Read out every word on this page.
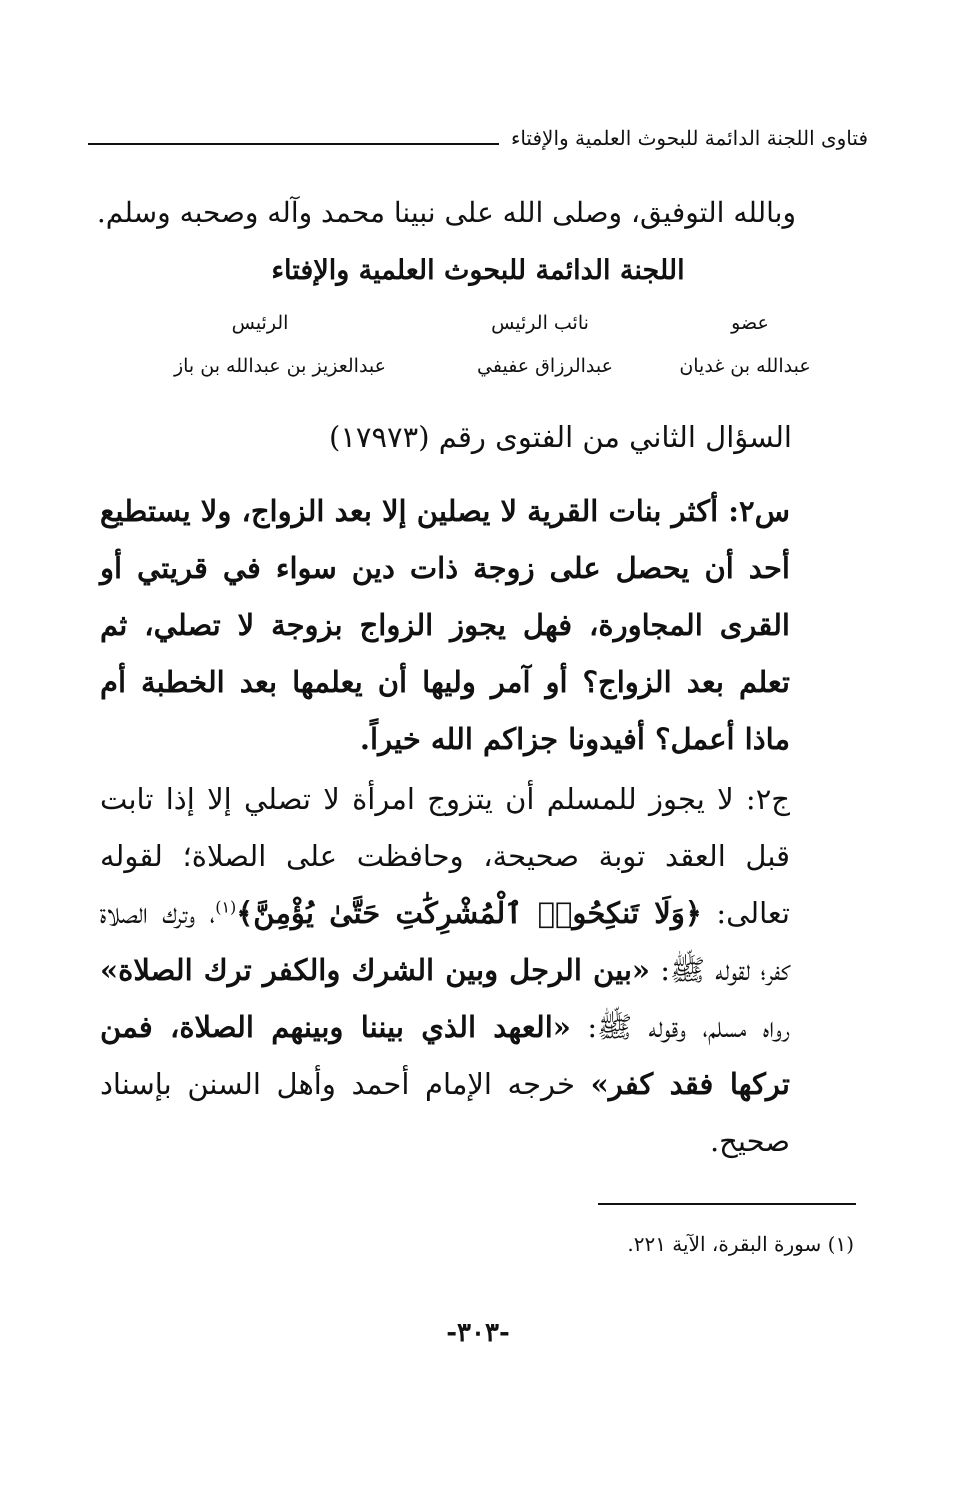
فتاوى اللجنة الدائمة للبحوث العلمية والإفتاء
وبالله التوفيق، وصلى الله على نبينا محمد وآله وصحبه وسلم.
اللجنة الدائمة للبحوث العلمية والإفتاء
عضو
نائب الرئيس
الرئيس
عبدالله بن غديان
عبدالرزاق عفيفي
عبدالعزيز بن عبدالله بن باز
السؤال الثاني من الفتوى رقم (١٧٩٧٣)
س٢: أكثر بنات القرية لا يصلين إلا بعد الزواج، ولا يستطيع أحد أن يحصل على زوجة ذات دين سواء في قريتي أو القرى المجاورة، فهل يجوز الزواج بزوجة لا تصلي، ثم تعلم بعد الزواج؟ أو آمر وليها أن يعلمها بعد الخطبة أم ماذا أعمل؟ أفيدونا جزاكم الله خيراً.
ج٢: لا يجوز للمسلم أن يتزوج امرأة لا تصلي إلا إذا تابت قبل العقد توبة صحيحة، وحافظت على الصلاة؛ لقوله تعالى: ﴿وَلَا تَنكِحُوا۟ ٱلْمُشْرِكَٰتِ حَتَّىٰ يُؤْمِنَّ﴾$^{(١)}$، وترك الصلاة كفر؛ لقوله ﷺ: «بين الرجل وبين الشرك والكفر ترك الصلاة» رواه مسلم، وقوله ﷺ: «العهد الذي بيننا وبينهم الصلاة، فمن تركها فقد كفر» خرجه الإمام أحمد وأهل السنن بإسناد صحيح.
(١) سورة البقرة، الآية ٢٢١.
-٣٠٣-
